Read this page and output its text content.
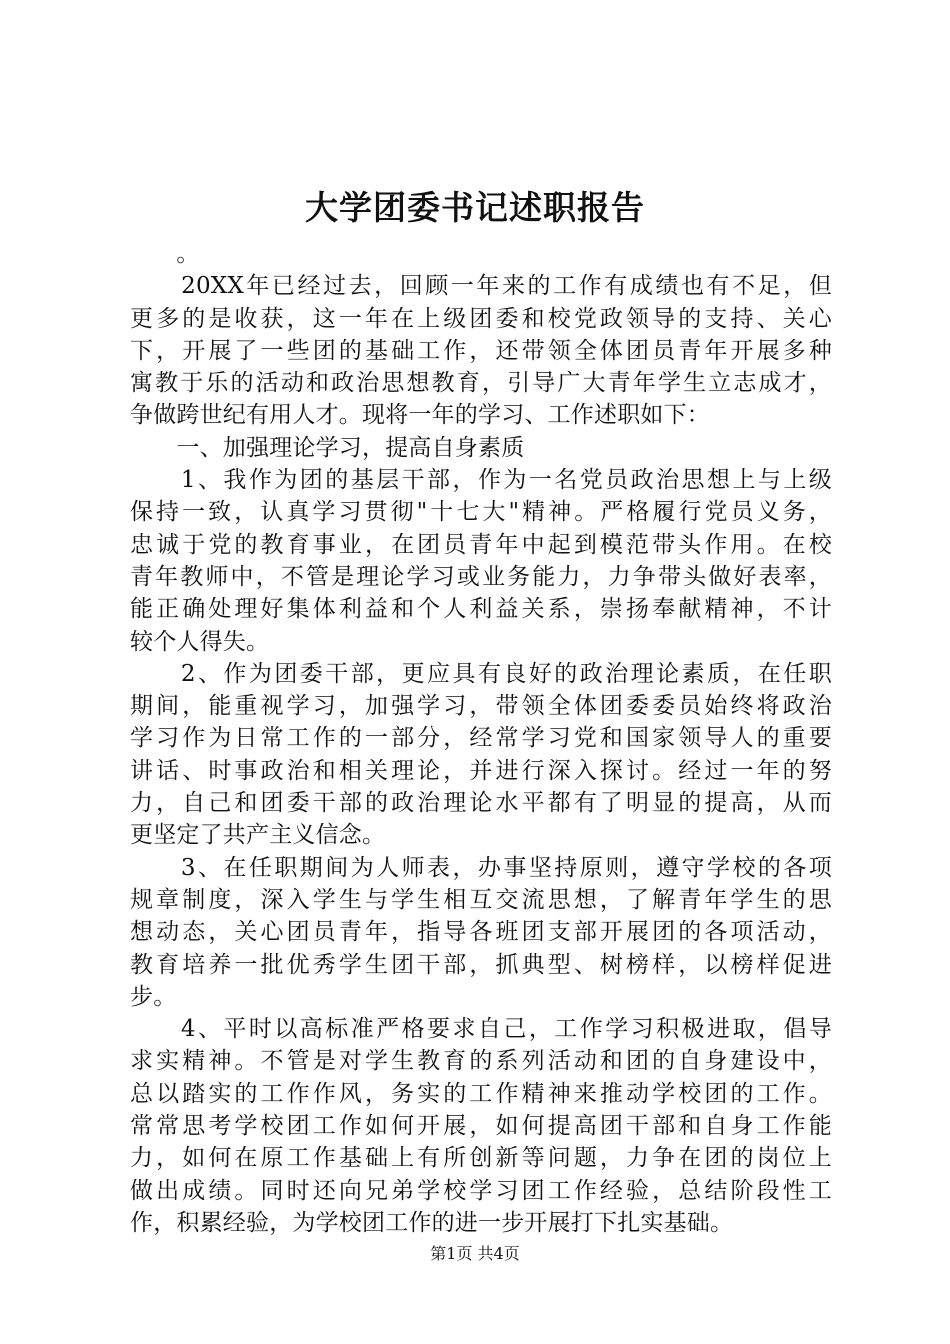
大学团委书记述职报告
　　。
　　20XX年已经过去，回顾一年来的工作有成绩也有不足，但
更多的是收获，这一年在上级团委和校党政领导的支持、关心
下，开展了一些团的基础工作，还带领全体团员青年开展多种
寓教于乐的活动和政治思想教育，引导广大青年学生立志成才，
争做跨世纪有用人才。现将一年的学习、工作述职如下：
　　一、加强理论学习，提高自身素质
　　1、我作为团的基层干部，作为一名党员政治思想上与上级
保持一致，认真学习贯彻"十七大"精神。严格履行党员义务，
忠诚于党的教育事业，在团员青年中起到模范带头作用。在校
青年教师中，不管是理论学习或业务能力，力争带头做好表率，
能正确处理好集体利益和个人利益关系，崇扬奉献精神，不计
较个人得失。
　　2、作为团委干部，更应具有良好的政治理论素质，在任职
期间，能重视学习，加强学习，带领全体团委委员始终将政治
学习作为日常工作的一部分，经常学习党和国家领导人的重要
讲话、时事政治和相关理论，并进行深入探讨。经过一年的努
力，自己和团委干部的政治理论水平都有了明显的提高，从而
更坚定了共产主义信念。
　　3、在任职期间为人师表，办事坚持原则，遵守学校的各项
规章制度，深入学生与学生相互交流思想，了解青年学生的思
想动态，关心团员青年，指导各班团支部开展团的各项活动，
教育培养一批优秀学生团干部，抓典型、树榜样，以榜样促进
步。
　　4、平时以高标准严格要求自己，工作学习积极进取，倡导
求实精神。不管是对学生教育的系列活动和团的自身建设中，
总以踏实的工作作风，务实的工作精神来推动学校团的工作。
常常思考学校团工作如何开展，如何提高团干部和自身工作能
力，如何在原工作基础上有所创新等问题，力争在团的岗位上
做出成绩。同时还向兄弟学校学习团工作经验，总结阶段性工
作，积累经验，为学校团工作的进一步开展打下扎实基础。
第1页 共4页
